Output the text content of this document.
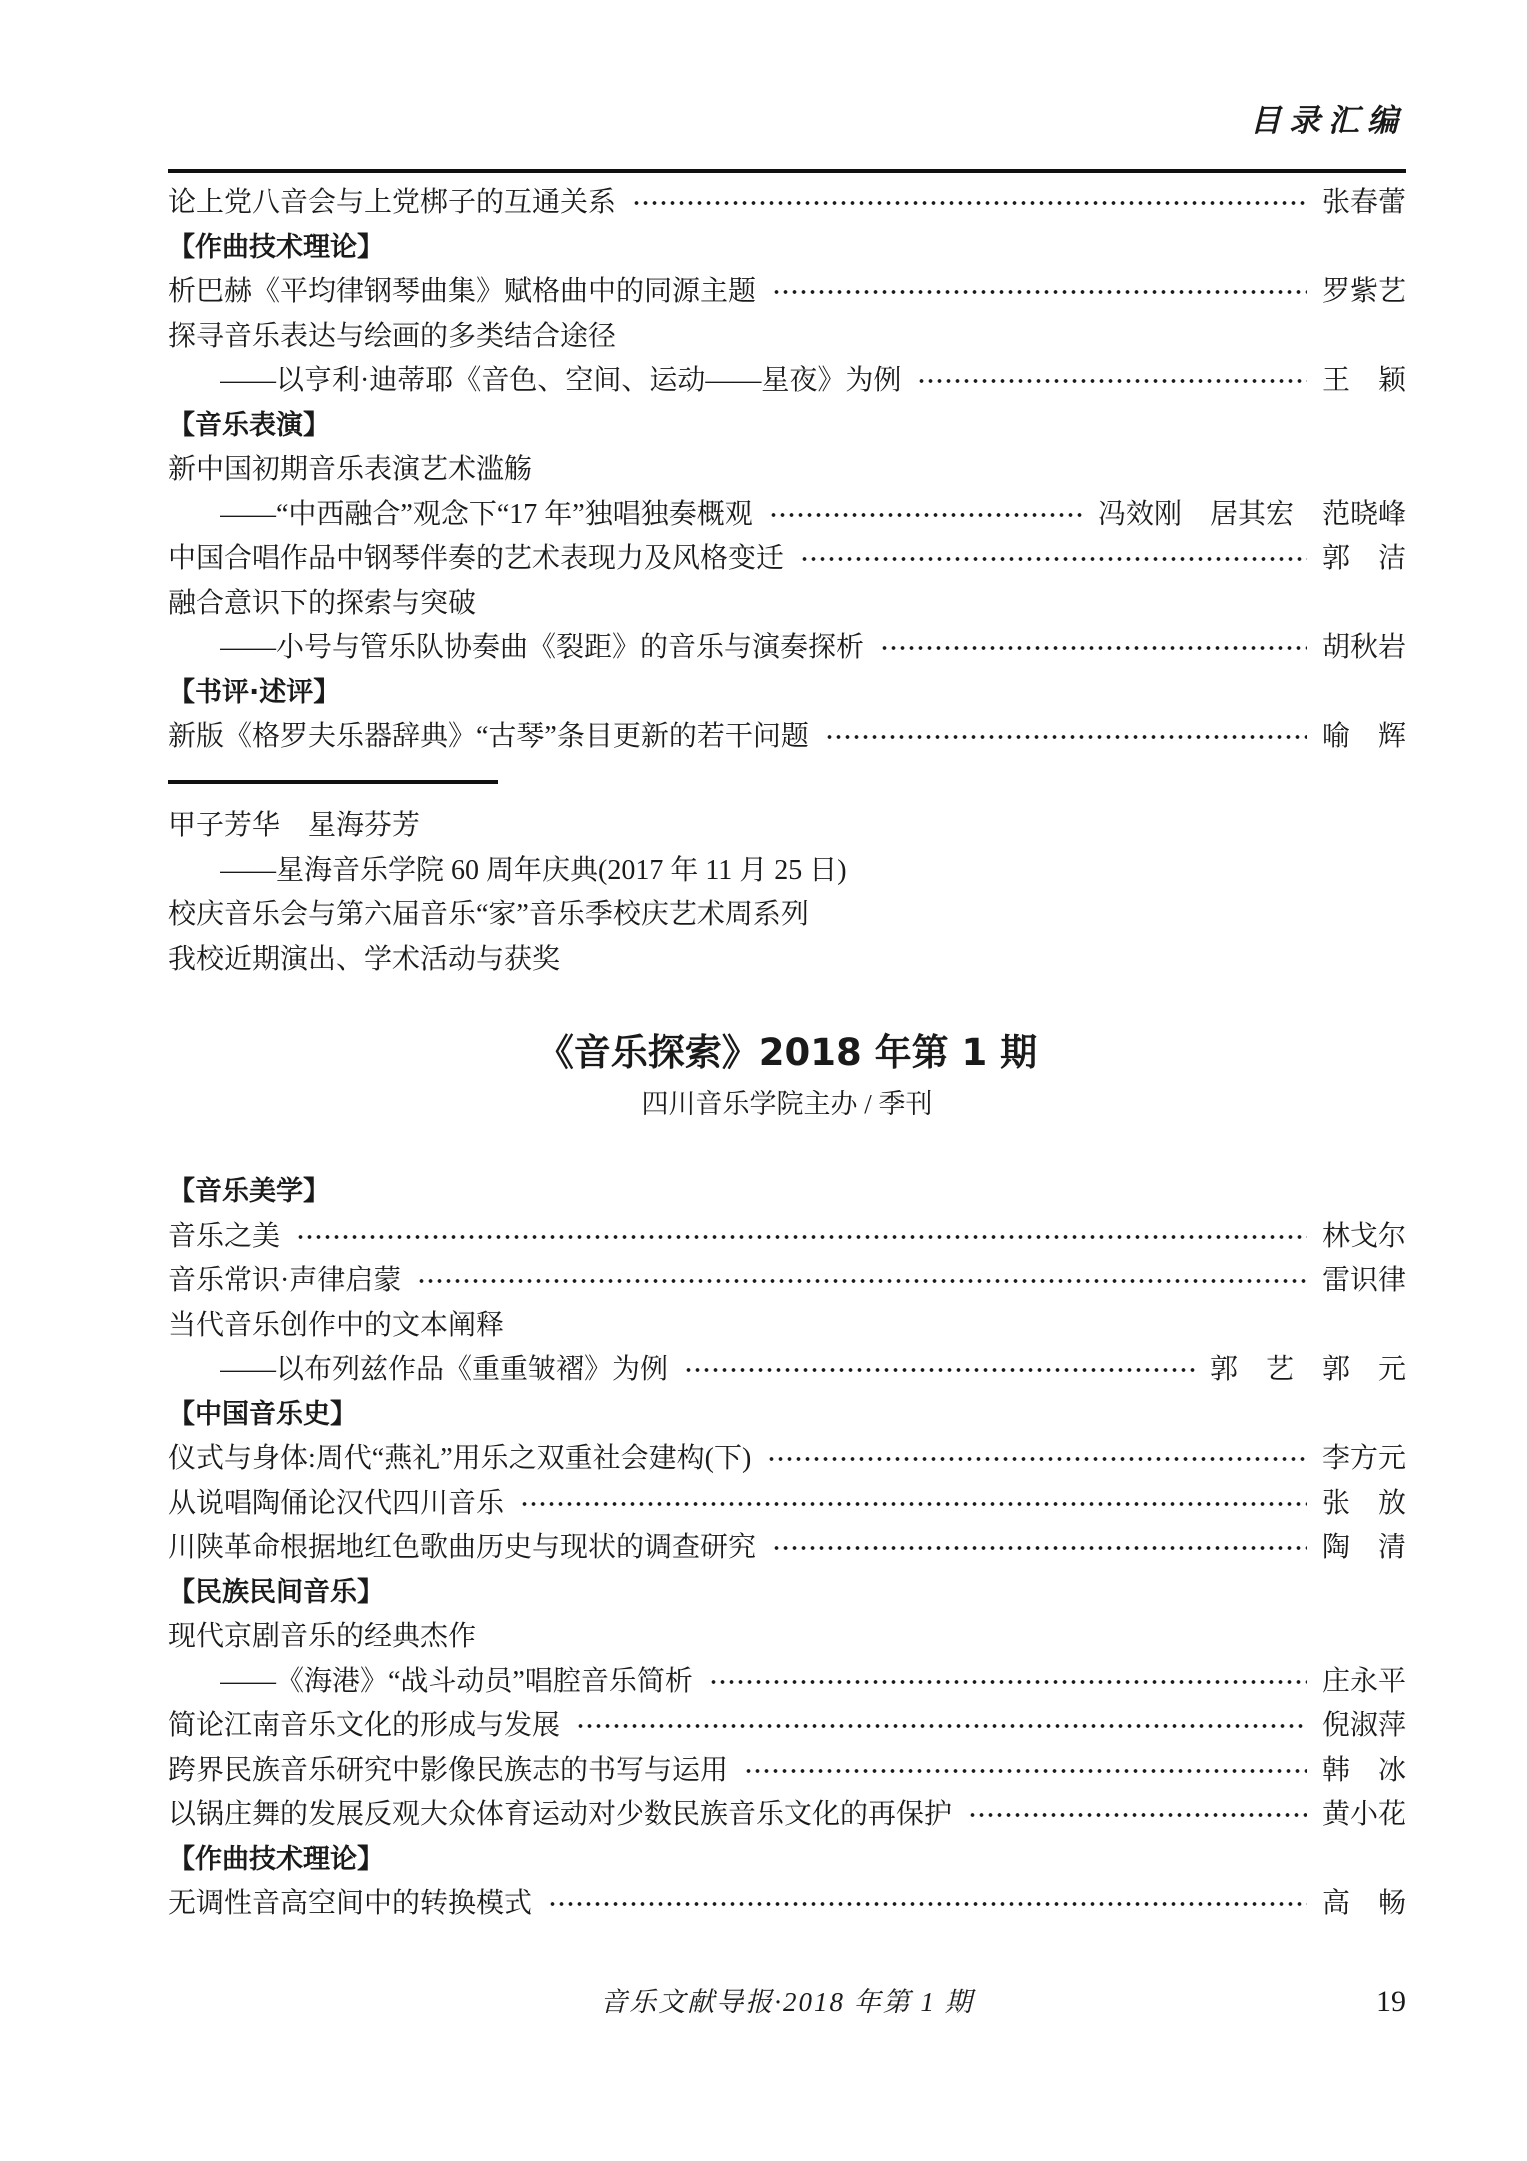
目录汇编
论上党八音会与上党梆子的互通关系	张春蕾
【作曲技术理论】
析巴赫《平均律钢琴曲集》赋格曲中的同源主题	罗紫艺
探寻音乐表达与绘画的多类结合途径
——以亨利·迪蒂耶《音色、空间、运动——星夜》为例	王　颖
【音乐表演】
新中国初期音乐表演艺术滥觞
——“中西融合”观念下“17 年”独唱独奏概观	冯效刚　居其宏　范晓峰
中国合唱作品中钢琴伴奏的艺术表现力及风格变迁	郭　洁
融合意识下的探索与突破
——小号与管乐队协奏曲《裂距》的音乐与演奏探析	胡秋岩
【书评·述评】
新版《格罗夫乐器辞典》“古琴”条目更新的若干问题	喻　辉
甲子芳华　星海芬芳
——星海音乐学院 60 周年庆典(2017 年 11 月 25 日)
校庆音乐会与第六届音乐“家”音乐季校庆艺术周系列
我校近期演出、学术活动与获奖
《音乐探索》2018 年第 1 期
四川音乐学院主办 / 季刊
【音乐美学】
音乐之美	林戈尔
音乐常识·声律启蒙	雷识律
当代音乐创作中的文本阐释
——以布列兹作品《重重皱褶》为例	郭　艺　郭　元
【中国音乐史】
仪式与身体:周代“燕礼”用乐之双重社会建构(下)	李方元
从说唱陶俑论汉代四川音乐	张　放
川陕革命根据地红色歌曲历史与现状的调查研究	陶　清
【民族民间音乐】
现代京剧音乐的经典杰作
——《海港》“战斗动员”唱腔音乐简析	庄永平
简论江南音乐文化的形成与发展	倪淑萍
跨界民族音乐研究中影像民族志的书写与运用	韩　冰
以锅庄舞的发展反观大众体育运动对少数民族音乐文化的再保护	黄小花
【作曲技术理论】
无调性音高空间中的转换模式	高　畅
音乐文献导报·2018 年第 1 期	19
